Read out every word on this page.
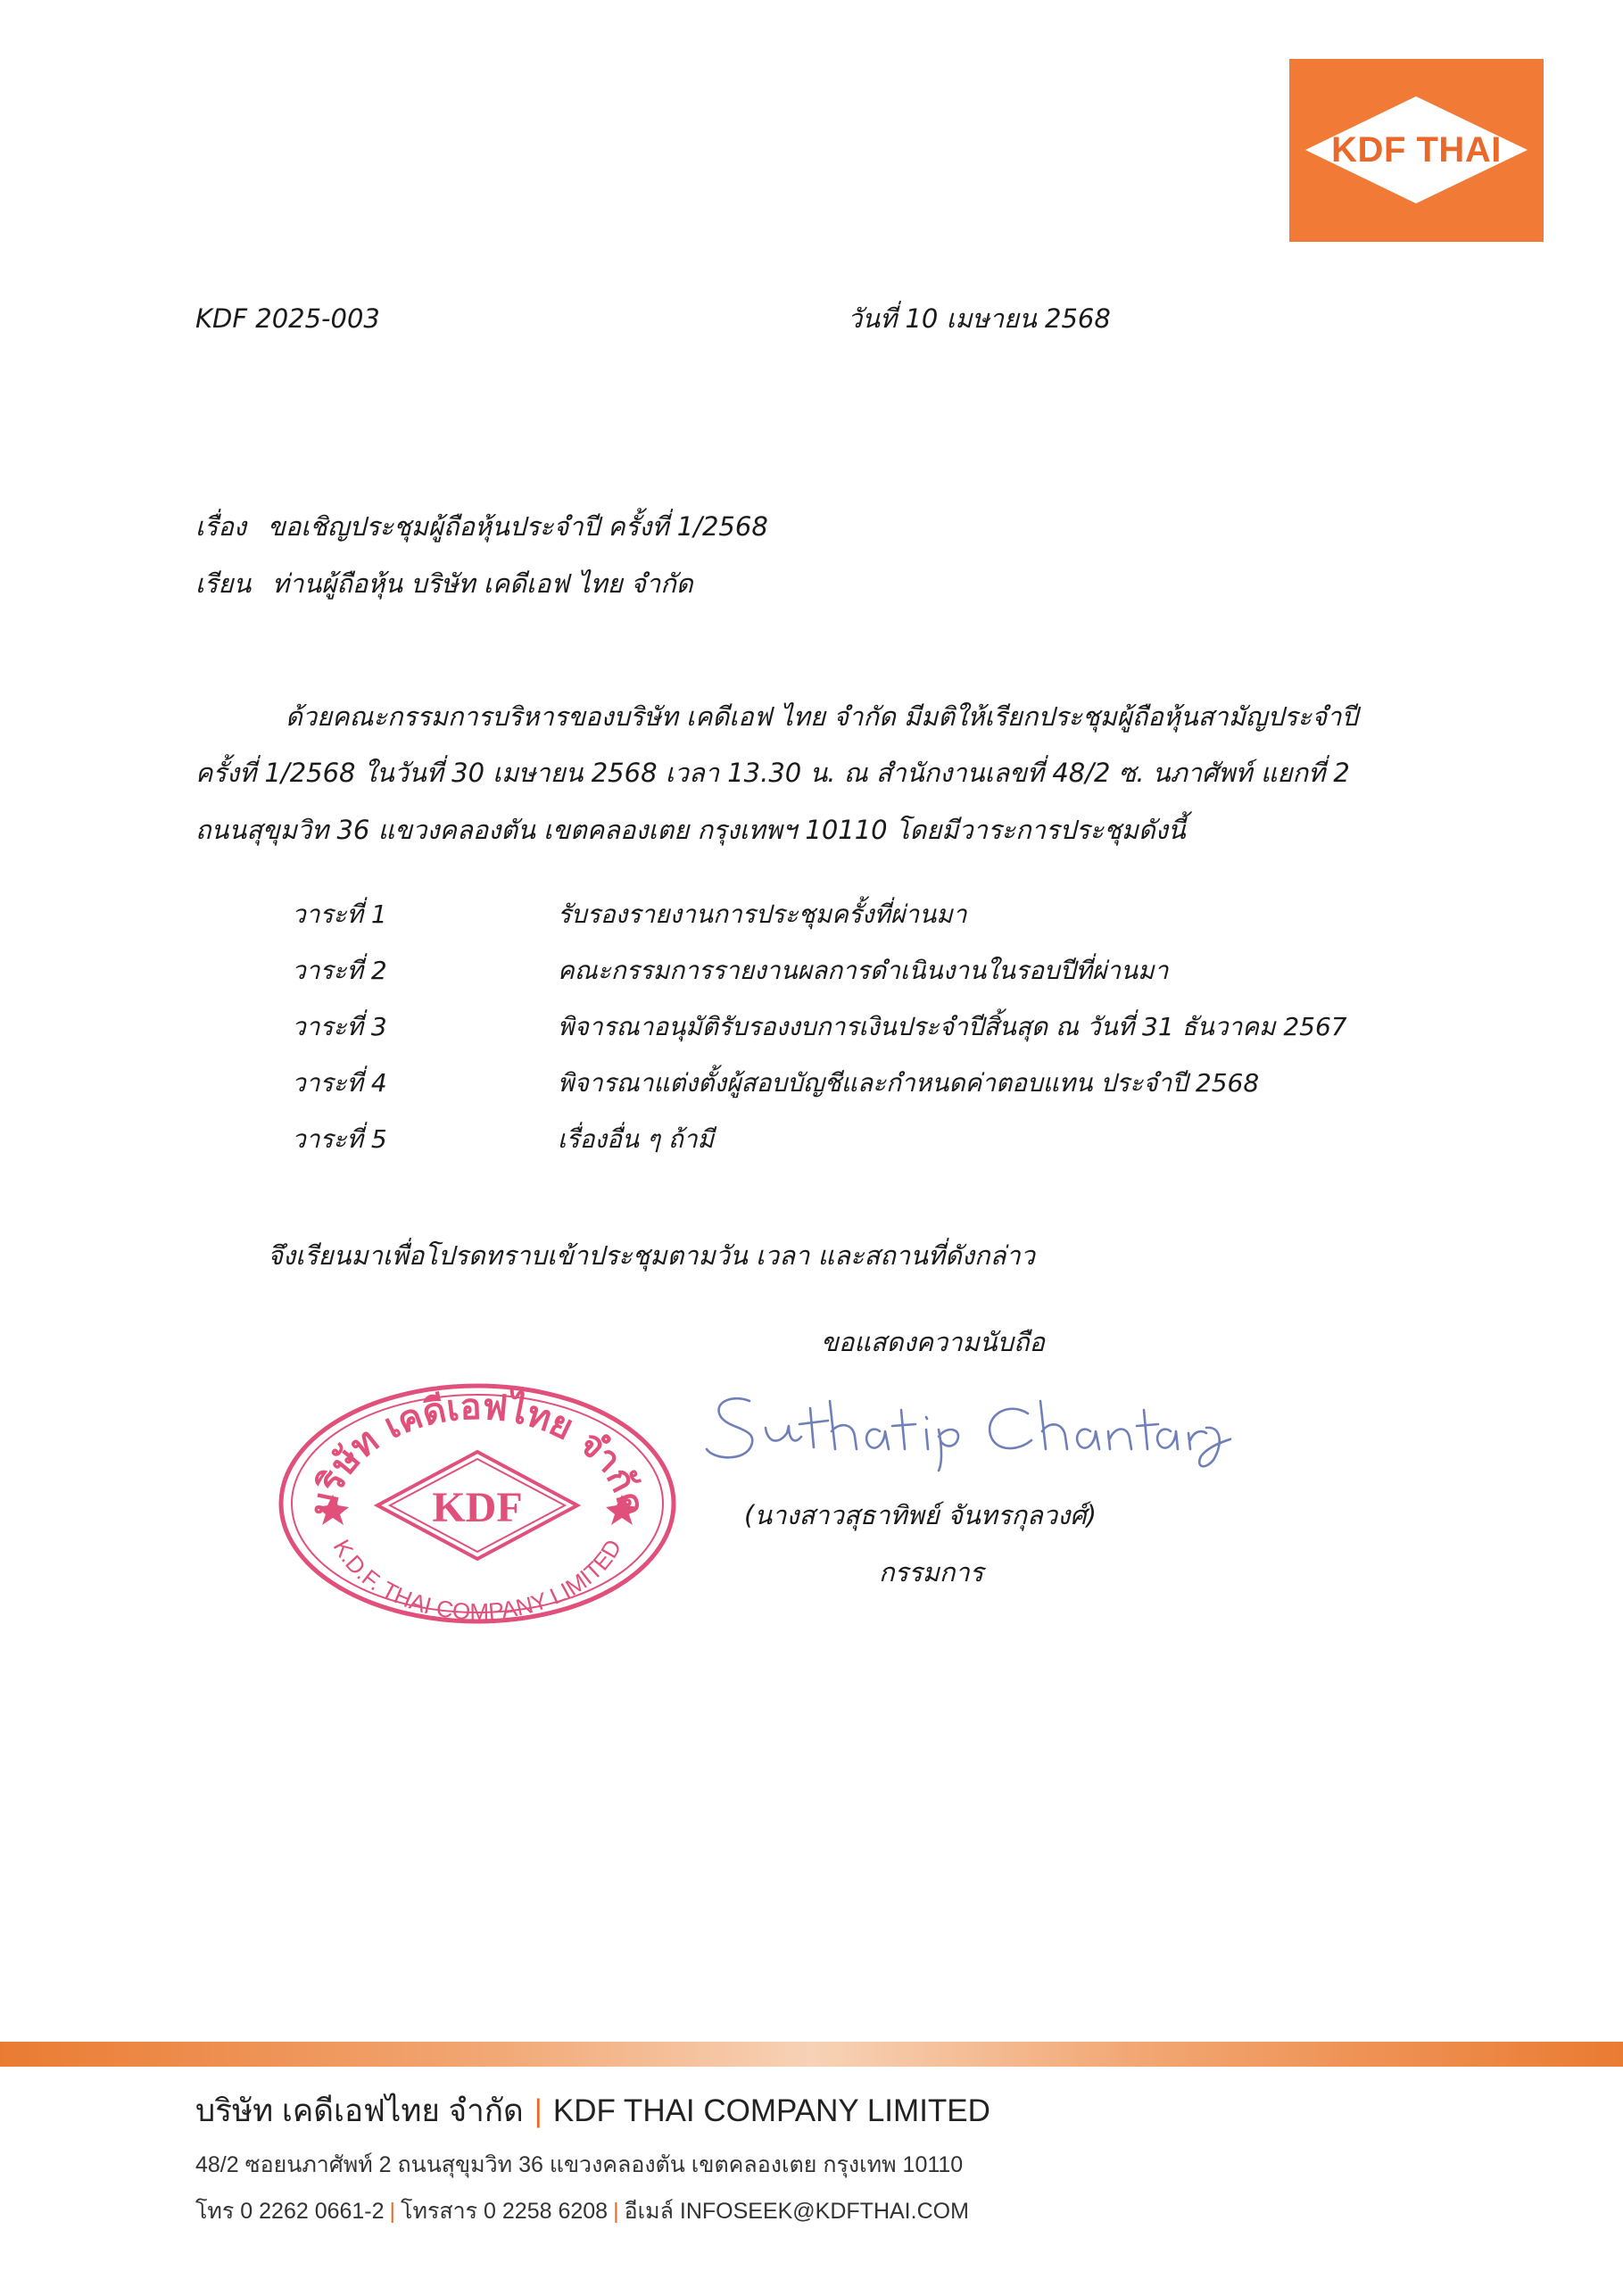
KDF THAI
KDF 2025-003	วันที่ 10 เมษายน 2568
เรื่อง ขอเชิญประชุมผู้ถือหุ้นประจำปี ครั้งที่ 1/2568
เรียน ท่านผู้ถือหุ้น บริษัท เคดีเอฟ ไทย จำกัด
ด้วยคณะกรรมการบริหารของบริษัท เคดีเอฟ ไทย จำกัด มีมติให้เรียกประชุมผู้ถือหุ้นสามัญประจำปี
ครั้งที่ 1/2568 ในวันที่ 30 เมษายน 2568 เวลา 13.30 น. ณ สำนักงานเลขที่ 48/2 ซ. นภาศัพท์ แยกที่ 2
ถนนสุขุมวิท 36 แขวงคลองตัน เขตคลองเตย กรุงเทพฯ 10110 โดยมีวาระการประชุมดังนี้
วาระที่ 1	รับรองรายงานการประชุมครั้งที่ผ่านมา
วาระที่ 2	คณะกรรมการรายงานผลการดำเนินงานในรอบปีที่ผ่านมา
วาระที่ 3	พิจารณาอนุมัติรับรองงบการเงินประจำปีสิ้นสุด ณ วันที่ 31 ธันวาคม 2567
วาระที่ 4	พิจารณาแต่งตั้งผู้สอบบัญชีและกำหนดค่าตอบแทน ประจำปี 2568
วาระที่ 5	เรื่องอื่น ๆ ถ้ามี
จึงเรียนมาเพื่อโปรดทราบเข้าประชุมตามวัน เวลา และสถานที่ดังกล่าว
ขอแสดงความนับถือ
บริษัท เคดีเอฟไทย จำกัด
KDF
K.D.F. THAI COMPANY LIMITED
(นางสาวสุธาทิพย์ จันทรกุลวงศ์)
กรรมการ
บริษัท เคดีเอฟไทย จำกัด | KDF THAI COMPANY LIMITED
48/2 ซอยนภาศัพท์ 2 ถนนสุขุมวิท 36 แขวงคลองตัน เขตคลองเตย กรุงเทพ 10110
โทร 0 2262 0661-2 | โทรสาร 0 2258 6208 | อีเมล์ INFOSEEK@KDFTHAI.COM
